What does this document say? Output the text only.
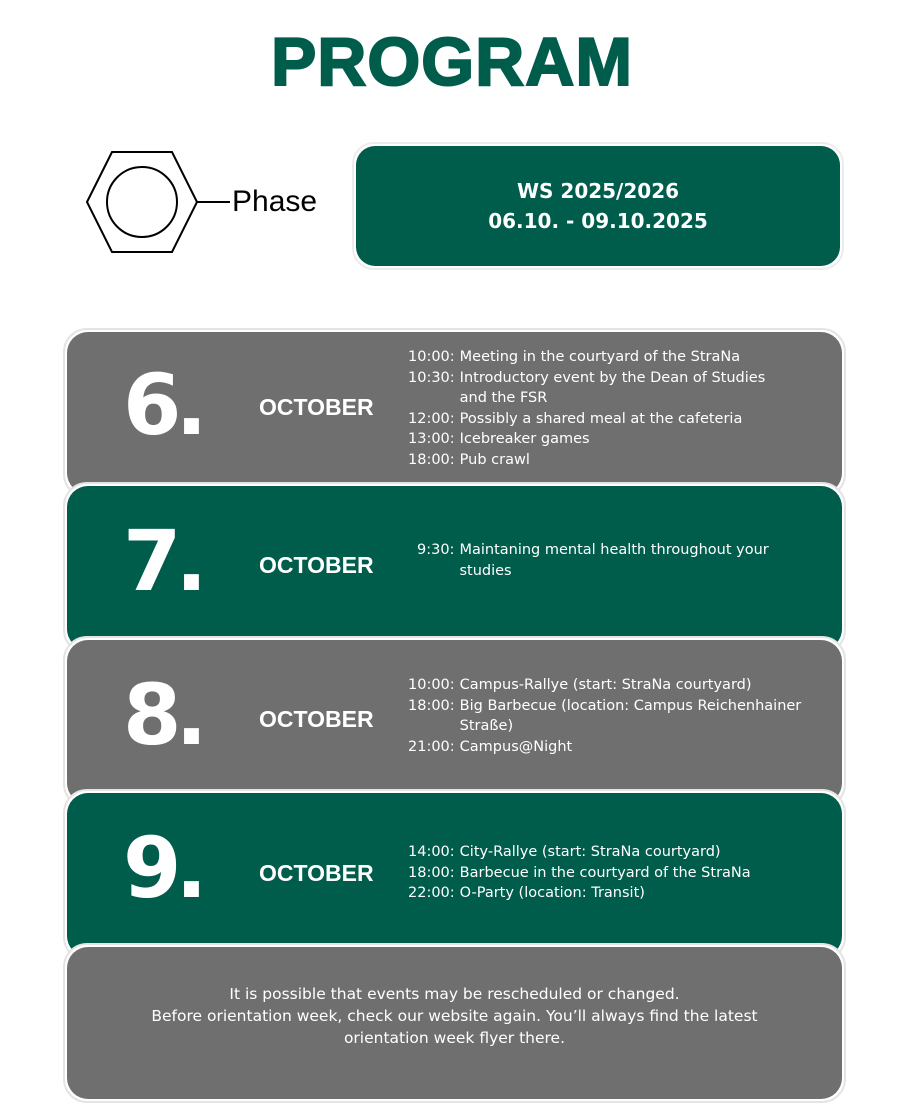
PROGRAM
Phase	WS 2025/2026
06.10. - 09.10.2025
6.	OCTOBER
10:00: Meeting in the courtyard of the StraNa
10:30: Introductory event by the Dean of Studies and the FSR
12:00: Possibly a shared meal at the cafeteria
13:00: Icebreaker games
18:00: Pub crawl
7.	OCTOBER
9:30: Maintaning mental health throughout your studies
8.	OCTOBER
10:00: Campus-Rallye (start: StraNa courtyard)
18:00: Big Barbecue (location: Campus Reichenhainer Straße)
21:00: Campus@Night
9.	OCTOBER
14:00: City-Rallye (start: StraNa courtyard)
18:00: Barbecue in the courtyard of the StraNa
22:00: O-Party (location: Transit)
It is possible that events may be rescheduled or changed.
Before orientation week, check our website again. You’ll always find the latest orientation week flyer there.
